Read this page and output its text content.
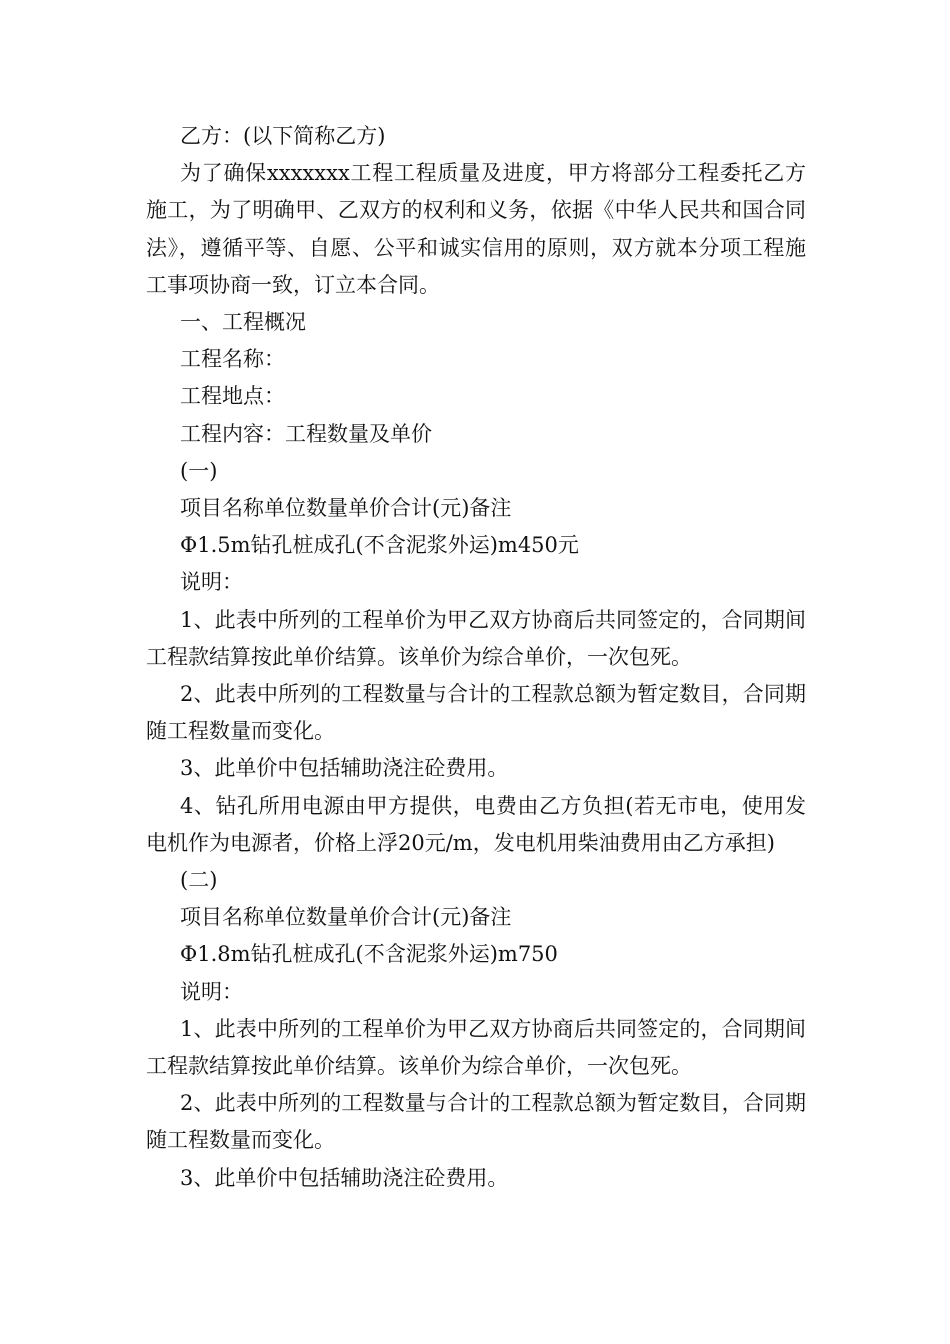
乙方：(以下简称乙方)

为了确保xxxxxxx工程工程质量及进度，甲方将部分工程委托乙方施工，为了明确甲、乙双方的权利和义务，依据《中华人民共和国合同法》，遵循平等、自愿、公平和诚实信用的原则，双方就本分项工程施工事项协商一致，订立本合同。

一、工程概况

工程名称：

工程地点：

工程内容：工程数量及单价

(一)

项目名称单位数量单价合计(元)备注

Φ1.5m钻孔桩成孔(不含泥浆外运)m450元

说明：

1、此表中所列的工程单价为甲乙双方协商后共同签定的，合同期间工程款结算按此单价结算。该单价为综合单价，一次包死。

2、此表中所列的工程数量与合计的工程款总额为暂定数目，合同期随工程数量而变化。

3、此单价中包括辅助浇注砼费用。

4、钻孔所用电源由甲方提供，电费由乙方负担(若无市电，使用发电机作为电源者，价格上浮20元/m，发电机用柴油费用由乙方承担)

(二)

项目名称单位数量单价合计(元)备注

Φ1.8m钻孔桩成孔(不含泥浆外运)m750

说明：

1、此表中所列的工程单价为甲乙双方协商后共同签定的，合同期间工程款结算按此单价结算。该单价为综合单价，一次包死。

2、此表中所列的工程数量与合计的工程款总额为暂定数目，合同期随工程数量而变化。

3、此单价中包括辅助浇注砼费用。
